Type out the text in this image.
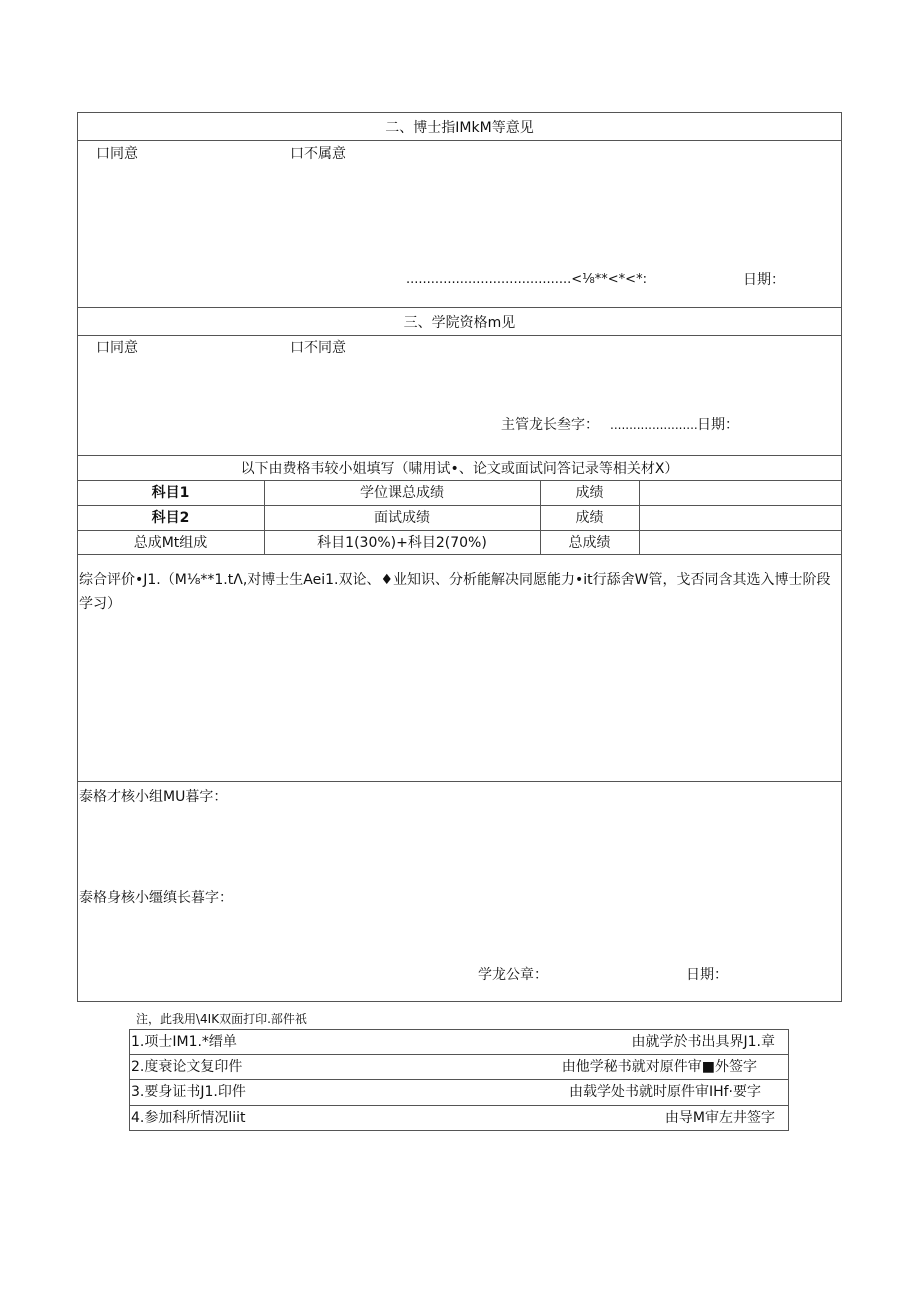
二、博士指IMkM等意见
口同意	口不属意
........................................<⅛**<*<*:	日期：
三、学院资格m见
口同意	口不同意
主管龙长叁字： ....................... 日期：
以下由费格韦较小姐填写（啸用试•、论文或面试问答记录等相关材X）
科目1	学位课总成绩	成绩
科目2	面试成绩	成绩
总成Mt组成	科目1(30%)+科目2(70%)	总成绩
综合评价•J1.（M⅛**1.tΛ,对博士生Aei1.双论、♦业知识、分析能解决同愿能力•it行舔舍W管，戈否同含其选入博士阶段学习）
泰格才核小组MU暮字：
泰格身核小缰缜长暮字：
学龙公章：	日期：
注，此我用\4IK双面打印.部件祇
1.项士IM1.*缙单	由就学於书出具界J1.章
2.度衰论文复印件	由他学秘书就对原件审■外签字
3.要身证书J1.印件	由载学处书就时原件审IHf·要字
4.参加科所情况liit	由导M审左井签字
